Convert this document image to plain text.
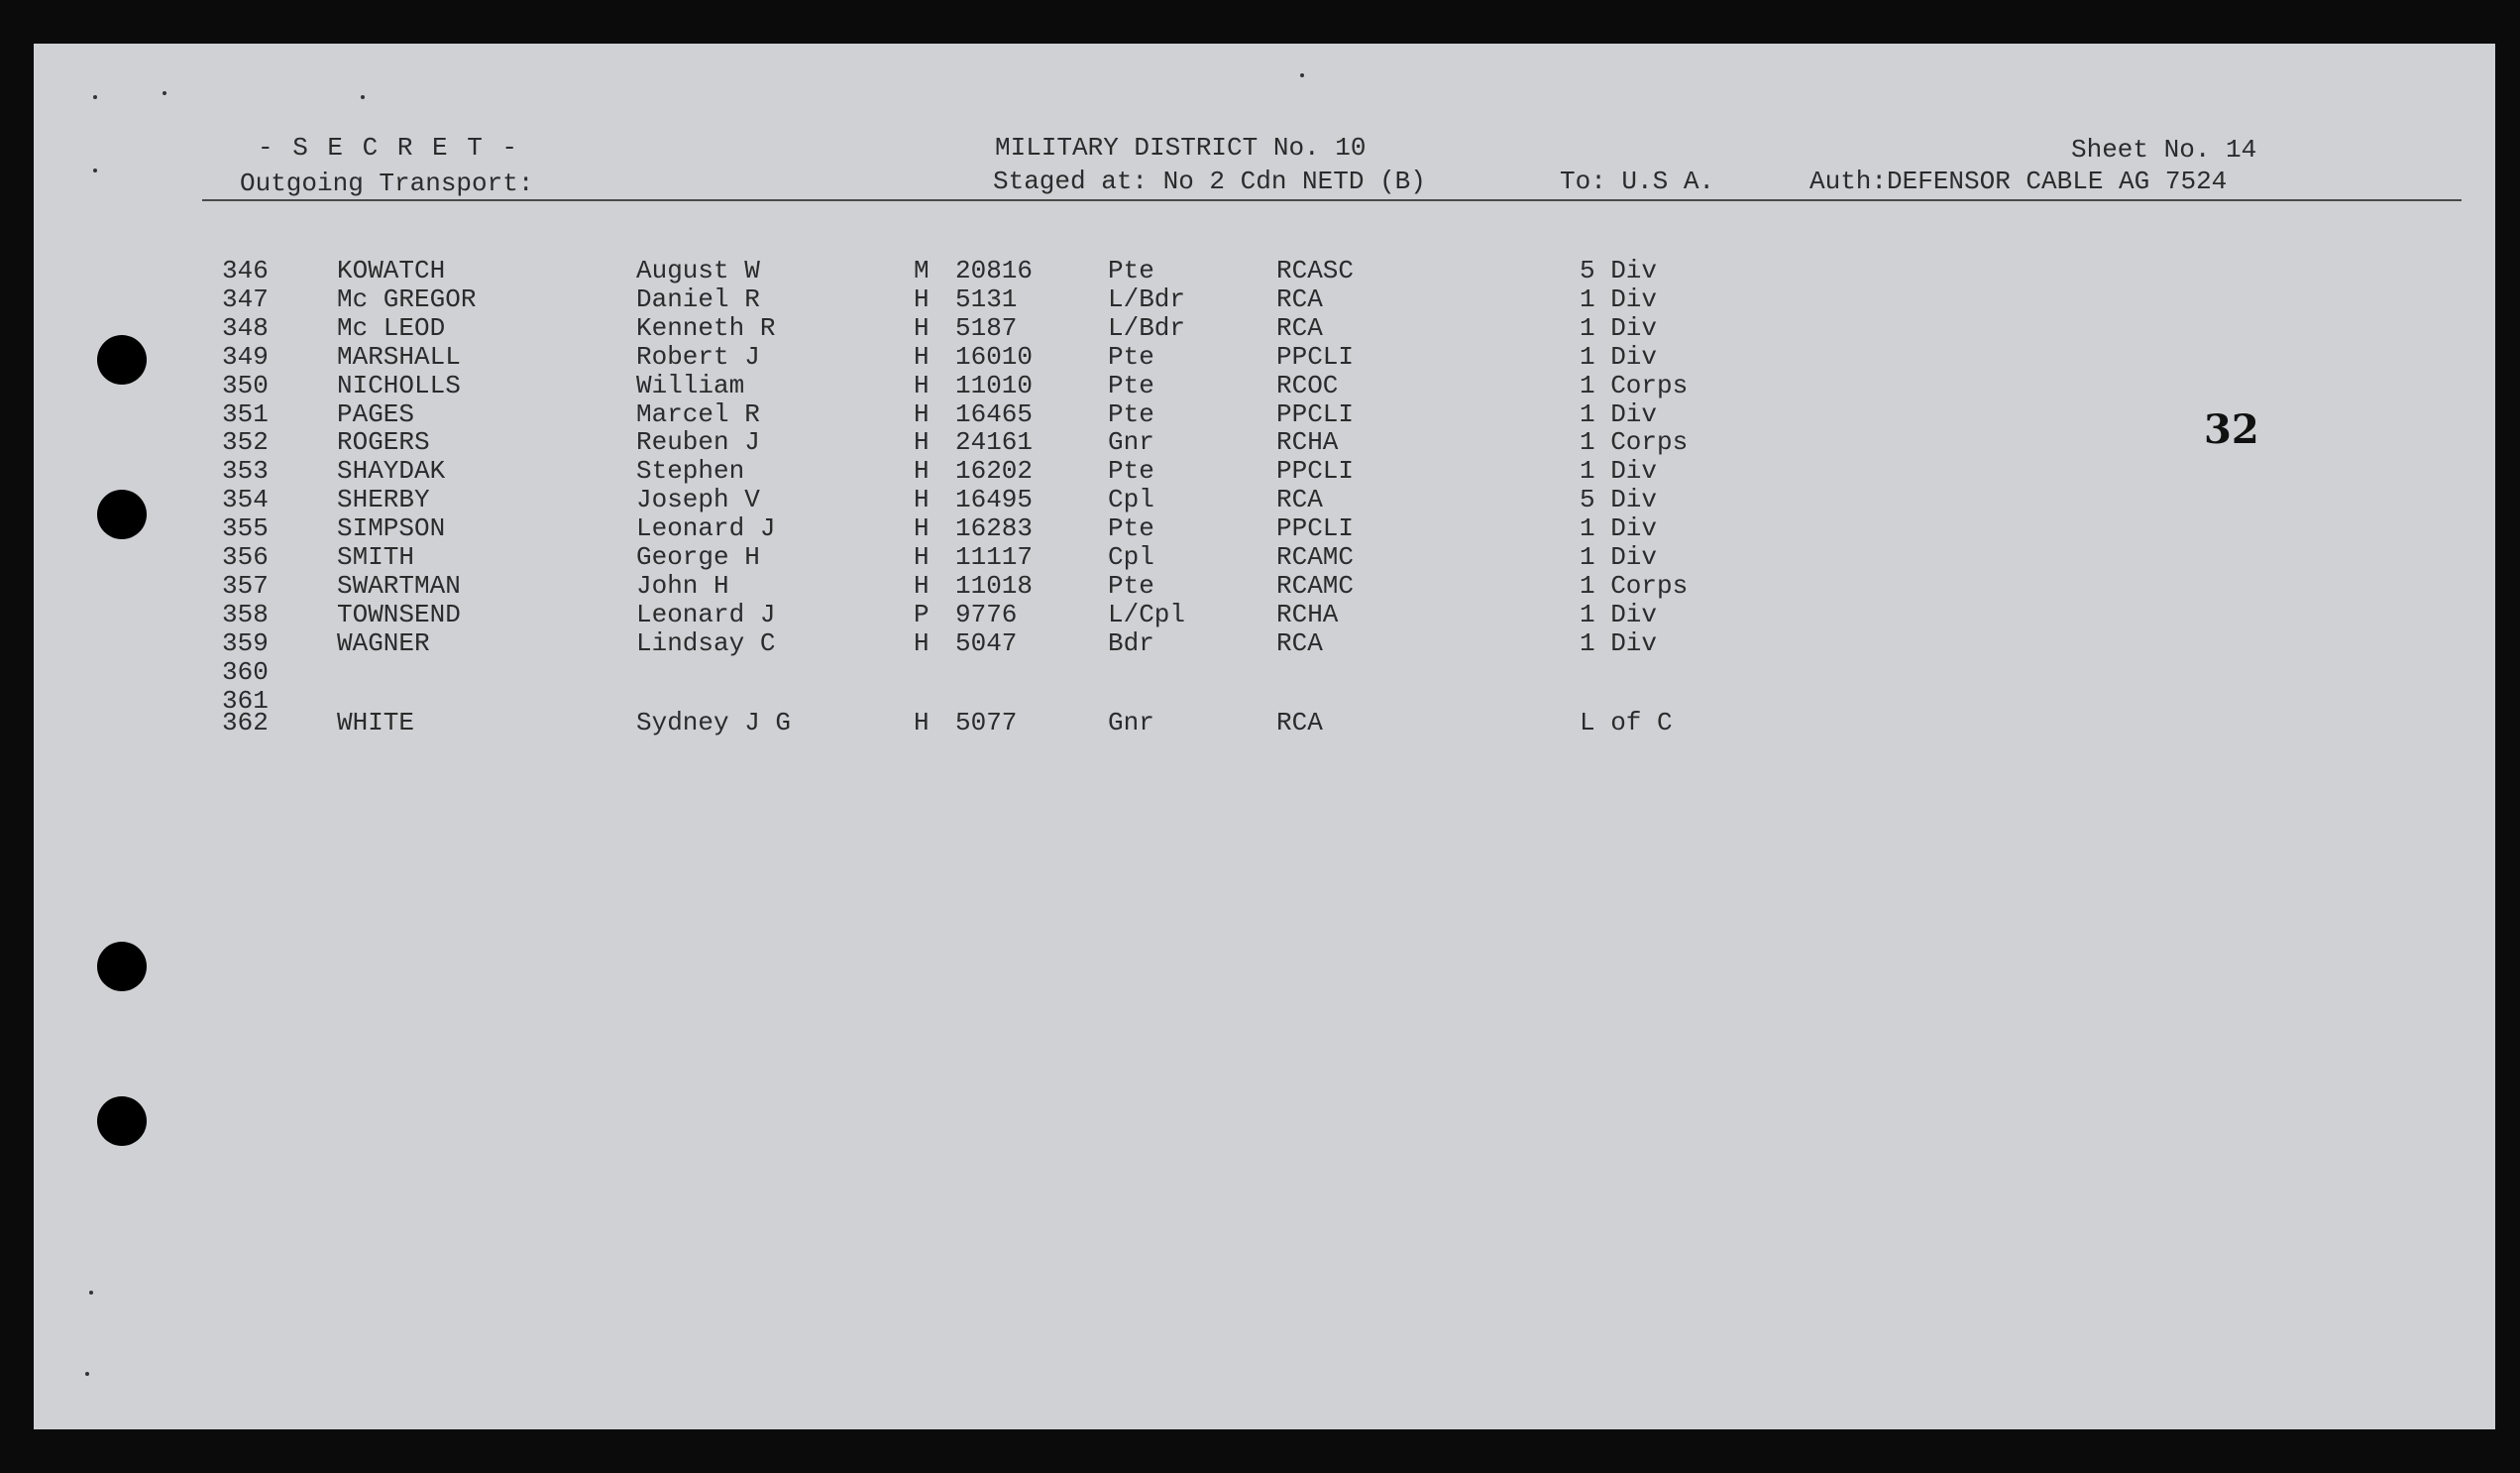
- S E C R E T -
Outgoing Transport:
MILITARY DISTRICT No. 10
Staged at: No 2 Cdn NETD (B)	To: U.S A.	Auth:DEFENSOR CABLE AG 7524
Sheet No. 14
32
346	KOWATCH	August W	M 20816	Pte	RCASC	5 Div
347	Mc GREGOR	Daniel R	H 5131	L/Bdr	RCA	1 Div
348	Mc LEOD	Kenneth R	H 5187	L/Bdr	RCA	1 Div
349	MARSHALL	Robert J	H 16010	Pte	PPCLI	1 Div
350	NICHOLLS	William	H 11010	Pte	RCOC	1 Corps
351	PAGES	Marcel R	H 16465	Pte	PPCLI	1 Div
352	ROGERS	Reuben J	H 24161	Gnr	RCHA	1 Corps
353	SHAYDAK	Stephen	H 16202	Pte	PPCLI	1 Div
354	SHERBY	Joseph V	H 16495	Cpl	RCA	5 Div
355	SIMPSON	Leonard J	H 16283	Pte	PPCLI	1 Div
356	SMITH	George H	H 11117	Cpl	RCAMC	1 Div
357	SWARTMAN	John H	H 11018	Pte	RCAMC	1 Corps
358	TOWNSEND	Leonard J	P 9776	L/Cpl	RCHA	1 Div
359	WAGNER	Lindsay C	H 5047	Bdr	RCA	1 Div
360
361
362	WHITE	Sydney J G	H 5077	Gnr	RCA	L of C
